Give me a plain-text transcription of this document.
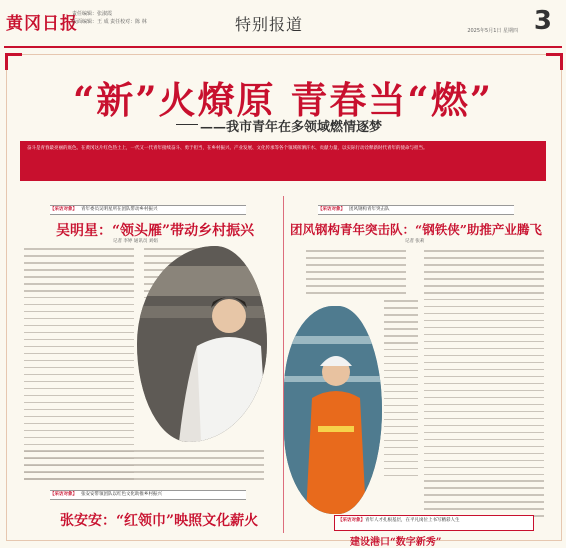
黄冈日报
责任编辑：张淑霞
版面编辑：王 成 责任校对：陈 林	特别报道	2025年5月1日 星期四 3
“新”火燎原 青春当“燃”
——我市青年在多领域燃情逐梦
奋斗是青春最亮丽的底色。在黄冈这片红色热土上，一代又一代青年接续奋斗、勇于担当，在乡村振兴、产业发展、文化传承等各个领域挥洒汗水、贡献力量，以实际行动诠释新时代青年的使命与担当。
【采访对象】 青年委员吴明星所在团队带动乡村振兴
吴明星：“领头雁”带动乡村振兴
记者 李婷 通讯员 刘娟
【采访对象】 张安安带领团队以红色文化助推乡村振兴
张安安：“红领巾”映照文化薪火
【采访对象】 团风钢构青年突击队
团风钢构青年突击队：“钢铁侠”助推产业腾飞
记者 张莉
【采访对象】青年人才扎根基层，在平凡岗位上书写精彩人生
建设港口“数字新秀”
